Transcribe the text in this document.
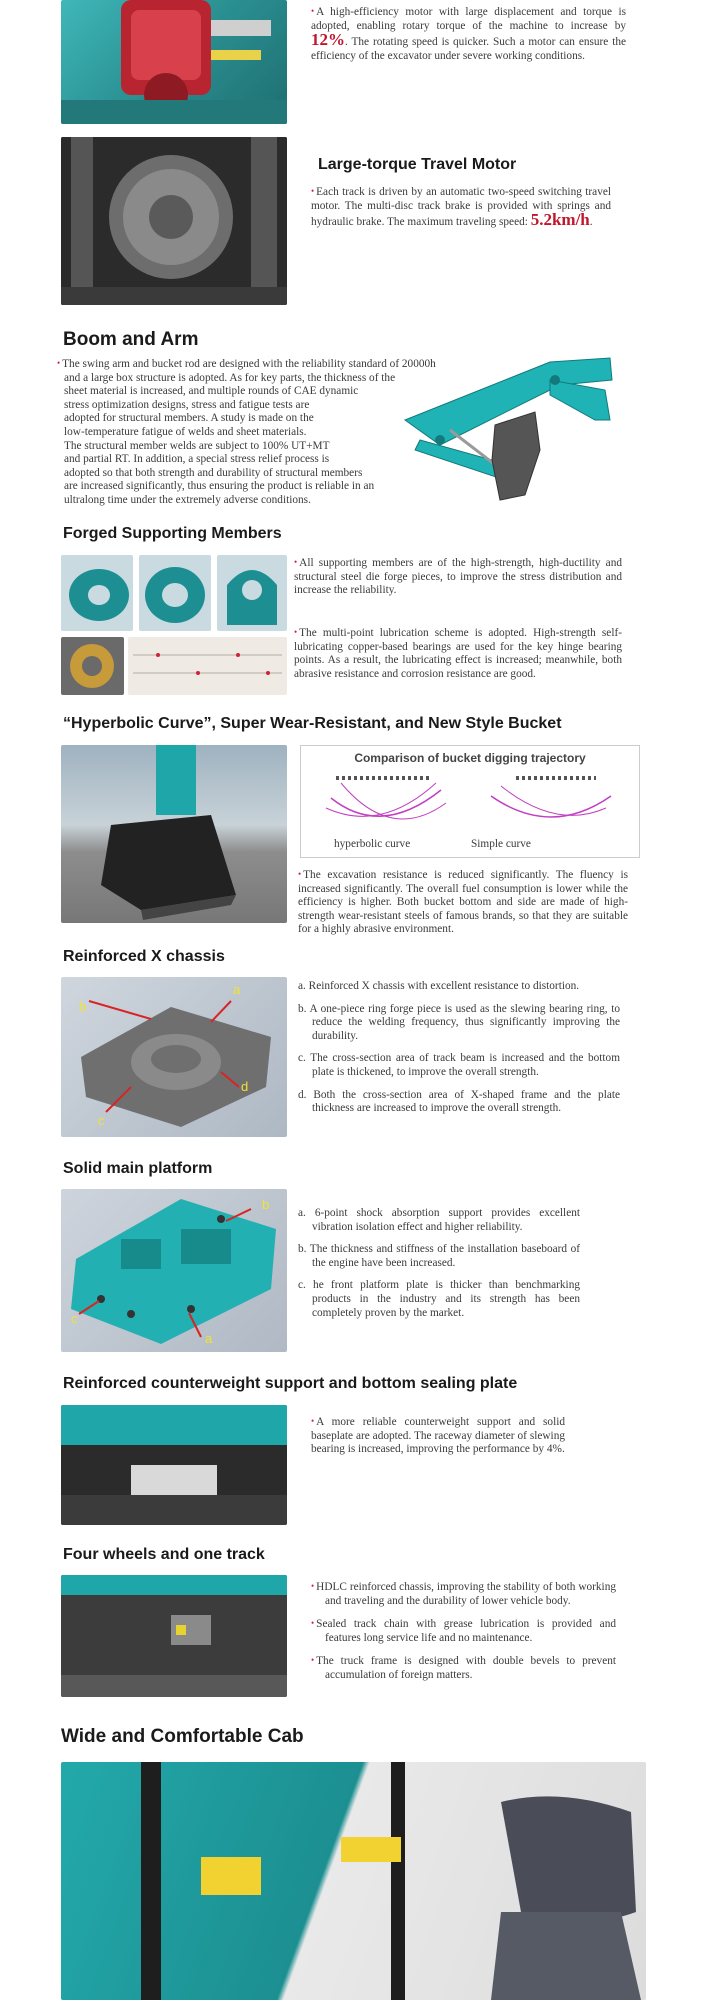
• A high-efficiency motor with large displacement and torque is adopted, enabling rotary torque of the machine to increase by 12%. The rotating speed is quicker. Such a motor can ensure the efficiency of the excavator under severe working conditions.
Large-torque Travel Motor
• Each track is driven by an automatic two-speed switching travel motor. The multi-disc track brake is provided with springs and hydraulic brake. The maximum traveling speed: 5.2km/h.
Boom and Arm
• The swing arm and bucket rod are designed with the reliability standard of 20000h
and a large box structure is adopted. As for key parts, the thickness of the
sheet material is increased, and multiple rounds of CAE dynamic
stress optimization designs, stress and fatigue tests are
adopted for structural members. A study is made on the
low-temperature fatigue of welds and sheet materials.
The structural member welds are subject to 100% UT+MT
and partial RT. In addition, a special stress relief process is
adopted so that both strength and durability of structural members
are increased significantly, thus ensuring the product is reliable in an
ultralong time under the extremely adverse conditions.
Forged Supporting Members
• All supporting members are of the high-strength, high-ductility and structural steel die forge pieces, to improve the stress distribution and increase the reliability.
• The multi-point lubrication scheme is adopted. High-strength self-lubricating copper-based bearings are used for the key hinge bearing points. As a result, the lubricating effect is increased; meanwhile, both abrasive resistance and corrosion resistance are good.
“Hyperbolic Curve”, Super Wear-Resistant, and New Style Bucket
Comparison of bucket digging trajectory
hyperbolic curve	Simple curve
• The excavation resistance is reduced significantly. The fluency is increased significantly. The overall fuel consumption is lower while the efficiency is higher. Both bucket bottom and side are made of high-strength wear-resistant steels of famous brands, so that they are suitable for a highly abrasive environment.
Reinforced X chassis
a
b
c
d

a. Reinforced X chassis with excellent resistance to distortion.

b. A one-piece ring forge piece is used as the slewing bearing ring, to reduce the welding frequency, thus significantly improving the durability.

c. The cross-section area of track beam is increased and the bottom plate is thickened, to improve the overall strength.

d. Both the cross-section area of X-shaped frame and the plate thickness are increased to improve the overall strength.

Solid main platform
a
b
c

a. 6-point shock absorption support provides excellent vibration isolation effect and higher reliability.

b. The thickness and stiffness of the installation baseboard of the engine have been increased.

c. he front platform plate is thicker than benchmarking products in the industry and its strength has been completely proven by the market.

Reinforced counterweight support and bottom sealing plate
• A more reliable counterweight support and solid baseplate are adopted. The raceway diameter of slewing bearing is increased, improving the performance by 4%.
Four wheels and one track

• HDLC reinforced chassis, improving the stability of both working and traveling and the durability of lower vehicle body.

• Sealed track chain with grease lubrication is provided and features long service life and no maintenance.

• The truck frame is designed with double bevels to prevent accumulation of foreign matters.

Wide and Comfortable Cab
